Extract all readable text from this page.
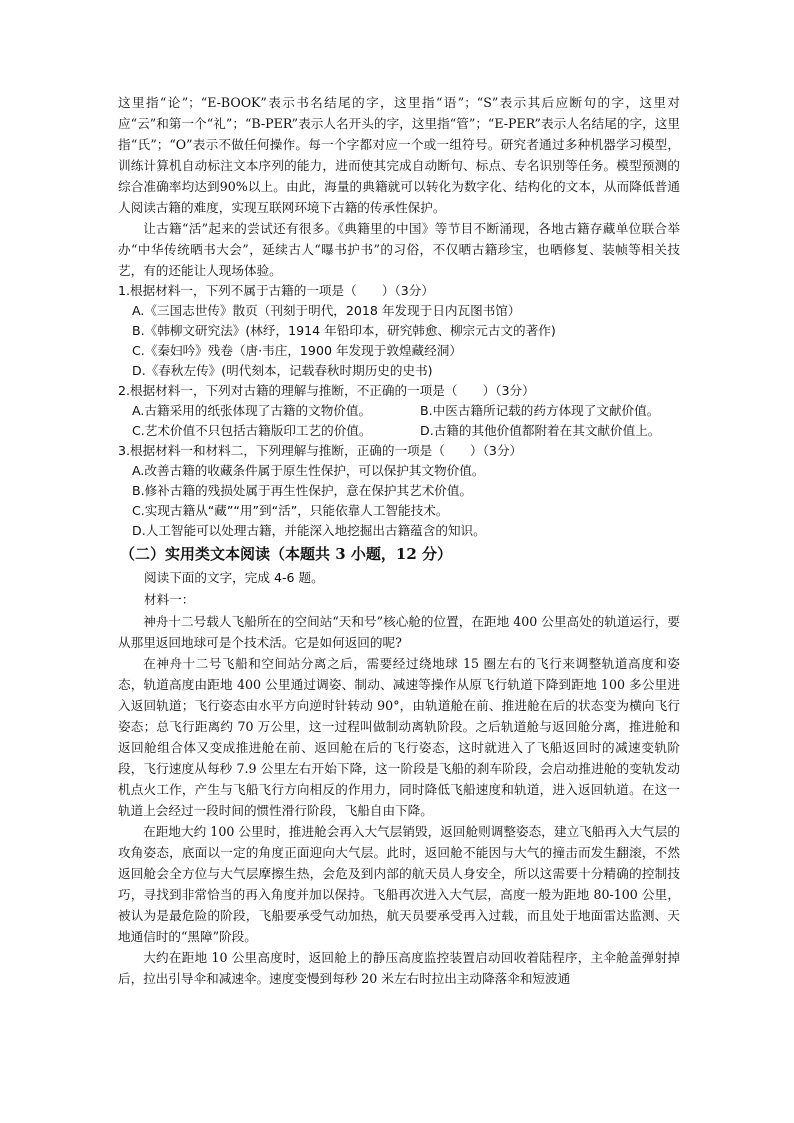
这里指“论”；“E-BOOK”表示书名结尾的字，这里指“语”；“S”表示其后应断句的字，这里对应“云”和第一个“礼”；“B-PER”表示人名开头的字，这里指“管”；“E-PER”表示人名结尾的字，这里指“氏”；“O”表示不做任何操作。每一个字都对应一个或一组符号。研究者通过多种机器学习模型，训练计算机自动标注文本序列的能力，进而使其完成自动断句、标点、专名识别等任务。模型预测的综合准确率均达到90%以上。由此，海量的典籍就可以转化为数字化、结构化的文本，从而降低普通人阅读古籍的难度，实现互联网环境下古籍的传承性保护。

让古籍“活”起来的尝试还有很多。《典籍里的中国》等节目不断涌现，各地古籍存藏单位联合举办“中华传统晒书大会”，延续古人“曝书护书”的习俗，不仅晒古籍珍宝，也晒修复、装帧等相关技艺，有的还能让人现场体验。

1.根据材料一，下列不属于古籍的一项是（　　）（3分）

A.《三国志世传》散页（刊刻于明代，2018 年发现于日内瓦图书馆）

B.《韩柳文研究法》(林纾，1914 年铅印本，研究韩愈、柳宗元古文的著作)

C.《秦妇吟》残卷（唐·韦庄，1900 年发现于敦煌藏经洞）

D.《春秋左传》(明代刻本，记载春秋时期历史的史书)

2.根据材料一，下列对古籍的理解与推断，不正确的一项是（　　）（3分）

A.古籍采用的纸张体现了古籍的文物价值。	B.中医古籍所记载的药方体现了文献价值。
C.艺术价值不只包括古籍版印工艺的价值。	D.古籍的其他价值都附着在其文献价值上。

3.根据材料一和材料二，下列理解与推断，正确的一项是（　　）（3分）

A.改善古籍的收藏条件属于原生性保护，可以保护其文物价值。

B.修补古籍的残损处属于再生性保护，意在保护其艺术价值。

C.实现古籍从“藏”“用”到“活”，只能依靠人工智能技术。

D.人工智能可以处理古籍，并能深入地挖掘出古籍蕴含的知识。

（二）实用类文本阅读（本题共 3 小题，12 分）

阅读下面的文字，完成 4-6 题。

材料一：

神舟十二号载人飞船所在的空间站“天和号”核心舱的位置，在距地 400 公里高处的轨道运行，要从那里返回地球可是个技术活。它是如何返回的呢?

在神舟十二号飞船和空间站分离之后，需要经过绕地球 15 圈左右的飞行来调整轨道高度和姿态，轨道高度由距地 400 公里通过调姿、制动、减速等操作从原飞行轨道下降到距地 100 多公里进入返回轨道；飞行姿态由水平方向逆时针转动 90°，由轨道舱在前、推进舱在后的状态变为横向飞行姿态；总飞行距离约 70 万公里，这一过程叫做制动离轨阶段。之后轨道舱与返回舱分离，推进舱和返回舱组合体又变成推进舱在前、返回舱在后的飞行姿态，这时就进入了飞船返回时的减速变轨阶段，飞行速度从每秒 7.9 公里左右开始下降，这一阶段是飞船的刹车阶段，会启动推进舱的变轨发动机点火工作，产生与飞船飞行方向相反的作用力，同时降低飞船速度和轨道，进入返回轨道。在这一轨道上会经过一段时间的惯性滑行阶段，飞船自由下降。

在距地大约 100 公里时，推进舱会再入大气层销毁，返回舱则调整姿态，建立飞船再入大气层的攻角姿态，底面以一定的角度正面迎向大气层。此时，返回舱不能因与大气的撞击而发生翻滚，不然返回舱会全方位与大气层摩擦生热，会危及到内部的航天员人身安全，所以这需要十分精确的控制技巧，寻找到非常恰当的再入角度并加以保持。飞船再次进入大气层，高度一般为距地 80-100 公里，被认为是最危险的阶段，飞船要承受气动加热，航天员要承受再入过载，而且处于地面雷达监测、天地通信时的“黑障”阶段。

大约在距地 10 公里高度时，返回舱上的静压高度监控装置启动回收着陆程序，主伞舱盖弹射掉后，拉出引导伞和减速伞。速度变慢到每秒 20 米左右时拉出主动降落伞和短波通
